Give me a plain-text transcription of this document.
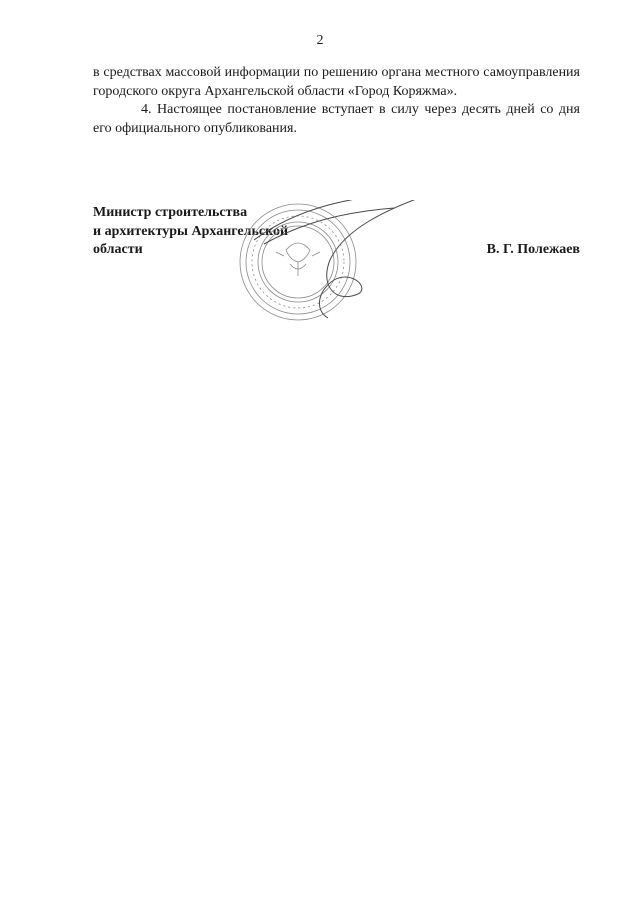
2

в средствах массовой информации по решению органа местного самоуправления городского округа Архангельской области «Город Коряжма».

4. Настоящее постановление вступает в силу через десять дней со дня его официального опубликования.

Министр строительства
и архитектуры Архангельской
области	В. Г. Полежаев
